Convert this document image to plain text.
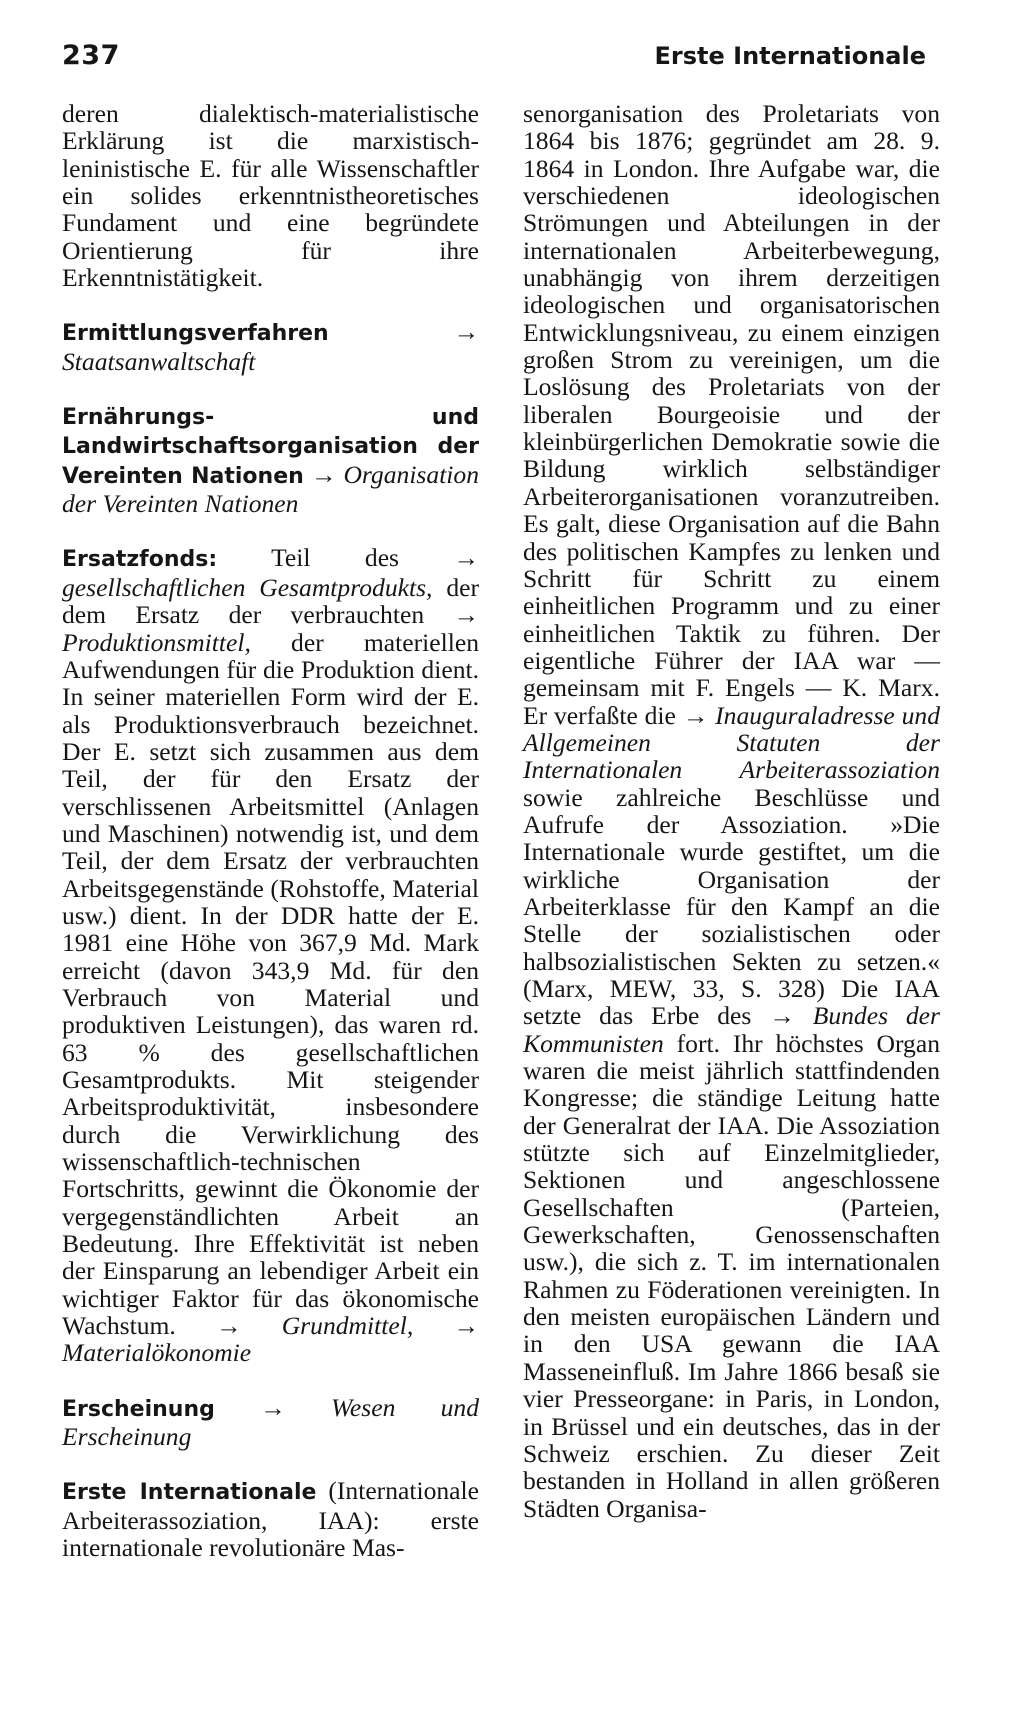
237	Erste Internationale

deren dialektisch-materialistische Erklärung ist die marxistisch-leninistische E. für alle Wissenschaftler ein solides erkenntnistheoretisches Fundament und eine begründete Orientierung für ihre Erkenntnistätigkeit.

Ermittlungsverfahren	→ Staatsanwaltschaft

Ernährungs- und Landwirtschaftsorganisation der Vereinten Nationen → Organisation der Vereinten Nationen

Ersatzfonds: Teil des → gesellschaftlichen Gesamtprodukts, der dem Ersatz der verbrauchten → Produktionsmittel, der materiellen Aufwendungen für die Produktion dient. In seiner materiellen Form wird der E. als Produktionsverbrauch bezeichnet. Der E. setzt sich zusammen aus dem Teil, der für den Ersatz der verschlissenen Arbeitsmittel (Anlagen und Maschinen) notwendig ist, und dem Teil, der dem Ersatz der verbrauchten Arbeitsgegenstände (Rohstoffe, Material usw.) dient. In der DDR hatte der E. 1981 eine Höhe von 367,9 Md. Mark erreicht (davon 343,9 Md. für den Verbrauch von Material und produktiven Leistungen), das waren rd. 63 % des gesellschaftlichen Gesamtprodukts. Mit steigender Arbeitsproduktivität, insbesondere durch die Verwirklichung des wissenschaftlich-technischen Fortschritts, gewinnt die Ökonomie der vergegenständlichten Arbeit an Bedeutung. Ihre Effektivität ist neben der Einsparung an lebendiger Arbeit ein wichtiger Faktor für das ökonomische Wachstum. → Grundmittel, → Materialökonomie

Erscheinung → Wesen und Erscheinung

Erste Internationale (Internationale Arbeiterassoziation, IAA): erste internationale revolutionäre Mas-

senorganisation des Proletariats von 1864 bis 1876; gegründet am 28. 9. 1864 in London. Ihre Aufgabe war, die verschiedenen ideologischen Strömungen und Abteilungen in der internationalen Arbeiterbewegung, unabhängig von ihrem derzeitigen ideologischen und organisatorischen Entwicklungsniveau, zu einem einzigen großen Strom zu vereinigen, um die Loslösung des Proletariats von der liberalen Bourgeoisie und der kleinbürgerlichen Demokratie sowie die Bildung wirklich selbständiger Arbeiterorganisationen voranzutreiben. Es galt, diese Organisation auf die Bahn des politischen Kampfes zu lenken und Schritt für Schritt zu einem einheitlichen Programm und zu einer einheitlichen Taktik zu führen. Der eigentliche Führer der IAA war — gemeinsam mit F. Engels — K. Marx. Er verfaßte die → Inauguraladresse und Allgemeinen Statuten der Internationalen Arbeiterassoziation sowie zahlreiche Beschlüsse und Aufrufe der Assoziation. »Die Internationale wurde gestiftet, um die wirkliche Organisation der Arbeiterklasse für den Kampf an die Stelle der sozialistischen oder halbsozialistischen Sekten zu setzen.« (Marx, MEW, 33, S. 328) Die IAA setzte das Erbe des → Bundes der Kommunisten fort. Ihr höchstes Organ waren die meist jährlich stattfindenden Kongresse; die ständige Leitung hatte der Generalrat der IAA. Die Assoziation stützte sich auf Einzelmitglieder, Sektionen und angeschlossene Gesellschaften (Parteien, Gewerkschaften, Genossenschaften usw.), die sich z. T. im internationalen Rahmen zu Föderationen vereinigten. In den meisten europäischen Ländern und in den USA gewann die IAA Masseneinfluß. Im Jahre 1866 besaß sie vier Presseorgane: in Paris, in London, in Brüssel und ein deutsches, das in der Schweiz erschien. Zu dieser Zeit bestanden in Holland in allen größeren Städten Organisa-
